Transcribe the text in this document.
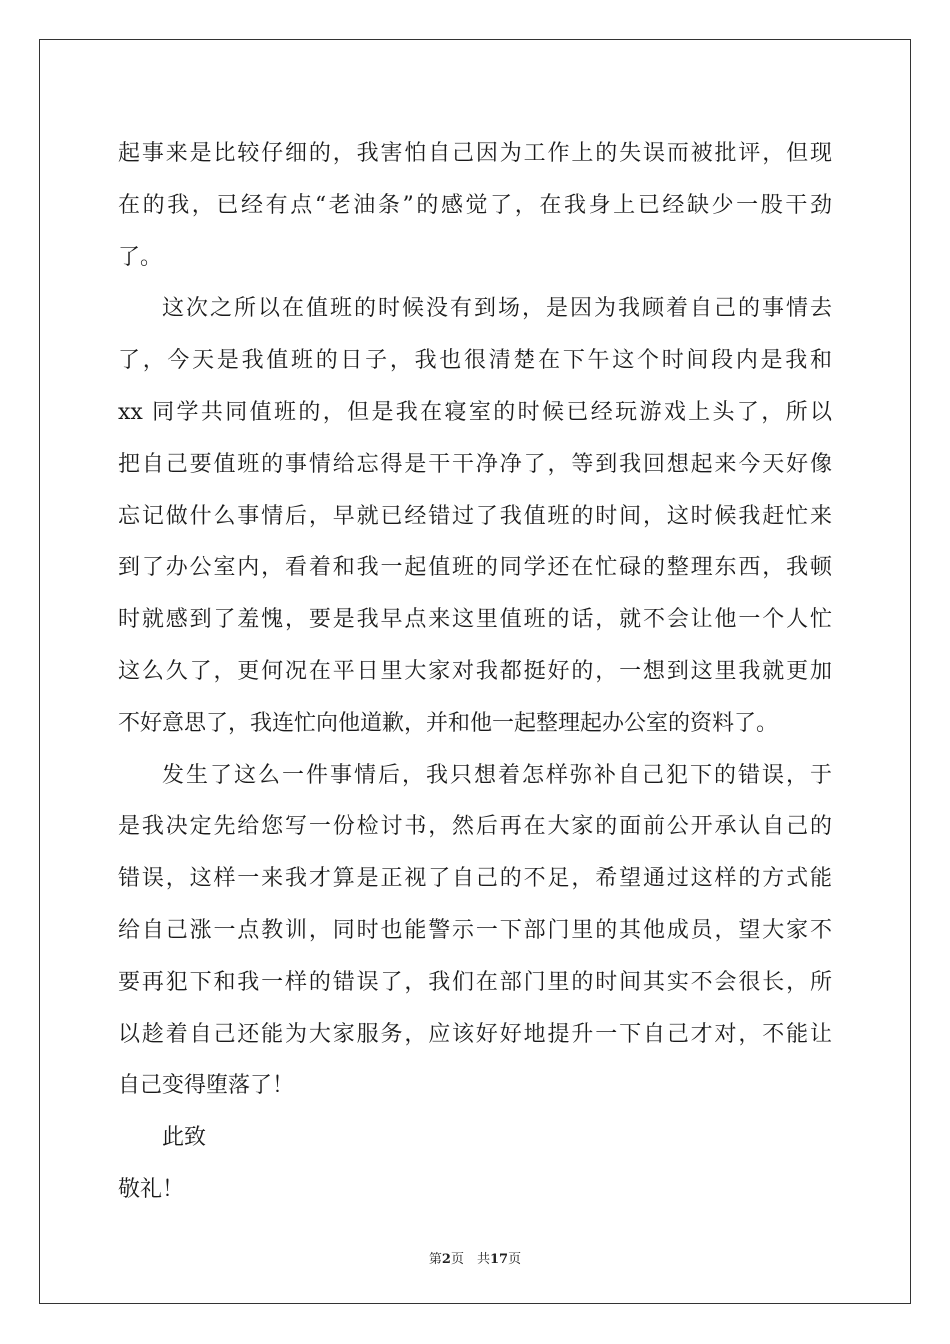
起事来是比较仔细的，我害怕自己因为工作上的失误而被批评，但现
在的我，已经有点“老油条”的感觉了，在我身上已经缺少一股干劲
了。
这次之所以在值班的时候没有到场，是因为我顾着自己的事情去
了，今天是我值班的日子，我也很清楚在下午这个时间段内是我和
xx 同学共同值班的，但是我在寝室的时候已经玩游戏上头了，所以
把自己要值班的事情给忘得是干干净净了，等到我回想起来今天好像
忘记做什么事情后，早就已经错过了我值班的时间，这时候我赶忙来
到了办公室内，看着和我一起值班的同学还在忙碌的整理东西，我顿
时就感到了羞愧，要是我早点来这里值班的话，就不会让他一个人忙
这么久了，更何况在平日里大家对我都挺好的，一想到这里我就更加
不好意思了，我连忙向他道歉，并和他一起整理起办公室的资料了。
发生了这么一件事情后，我只想着怎样弥补自己犯下的错误，于
是我决定先给您写一份检讨书，然后再在大家的面前公开承认自己的
错误，这样一来我才算是正视了自己的不足，希望通过这样的方式能
给自己涨一点教训，同时也能警示一下部门里的其他成员，望大家不
要再犯下和我一样的错误了，我们在部门里的时间其实不会很长，所
以趁着自己还能为大家服务，应该好好地提升一下自己才对，不能让
自己变得堕落了！
此致
敬礼！
第2页　共17页
